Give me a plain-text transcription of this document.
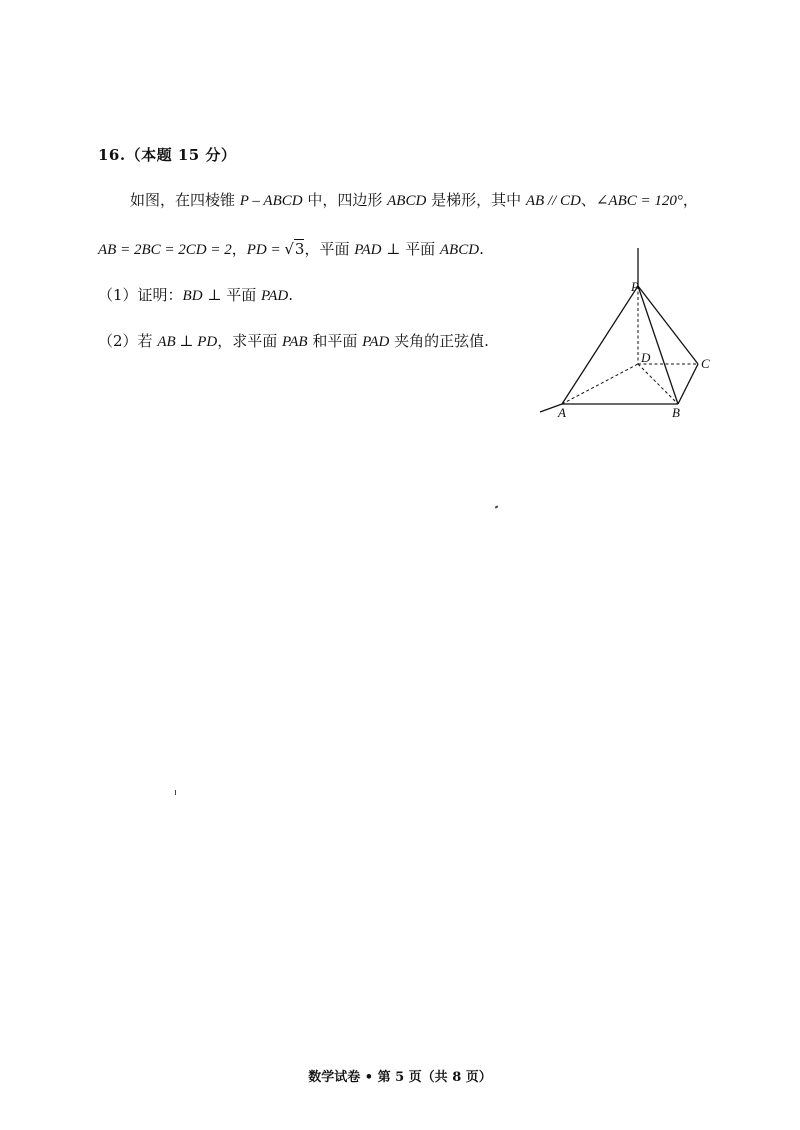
16.（本题 15 分）
如图，在四棱锥 P – ABCD 中，四边形 ABCD 是梯形，其中 AB // CD、∠ABC = 120°，
AB = 2BC = 2CD = 2，PD = √3，平面 PAD ⊥ 平面 ABCD.
（1）证明：BD ⊥ 平面 PAD.
（2）若 AB ⊥ PD，求平面 PAB 和平面 PAD 夹角的正弦值.
P
D	C
A	B
数学试卷 • 第 5 页（共 8 页）
